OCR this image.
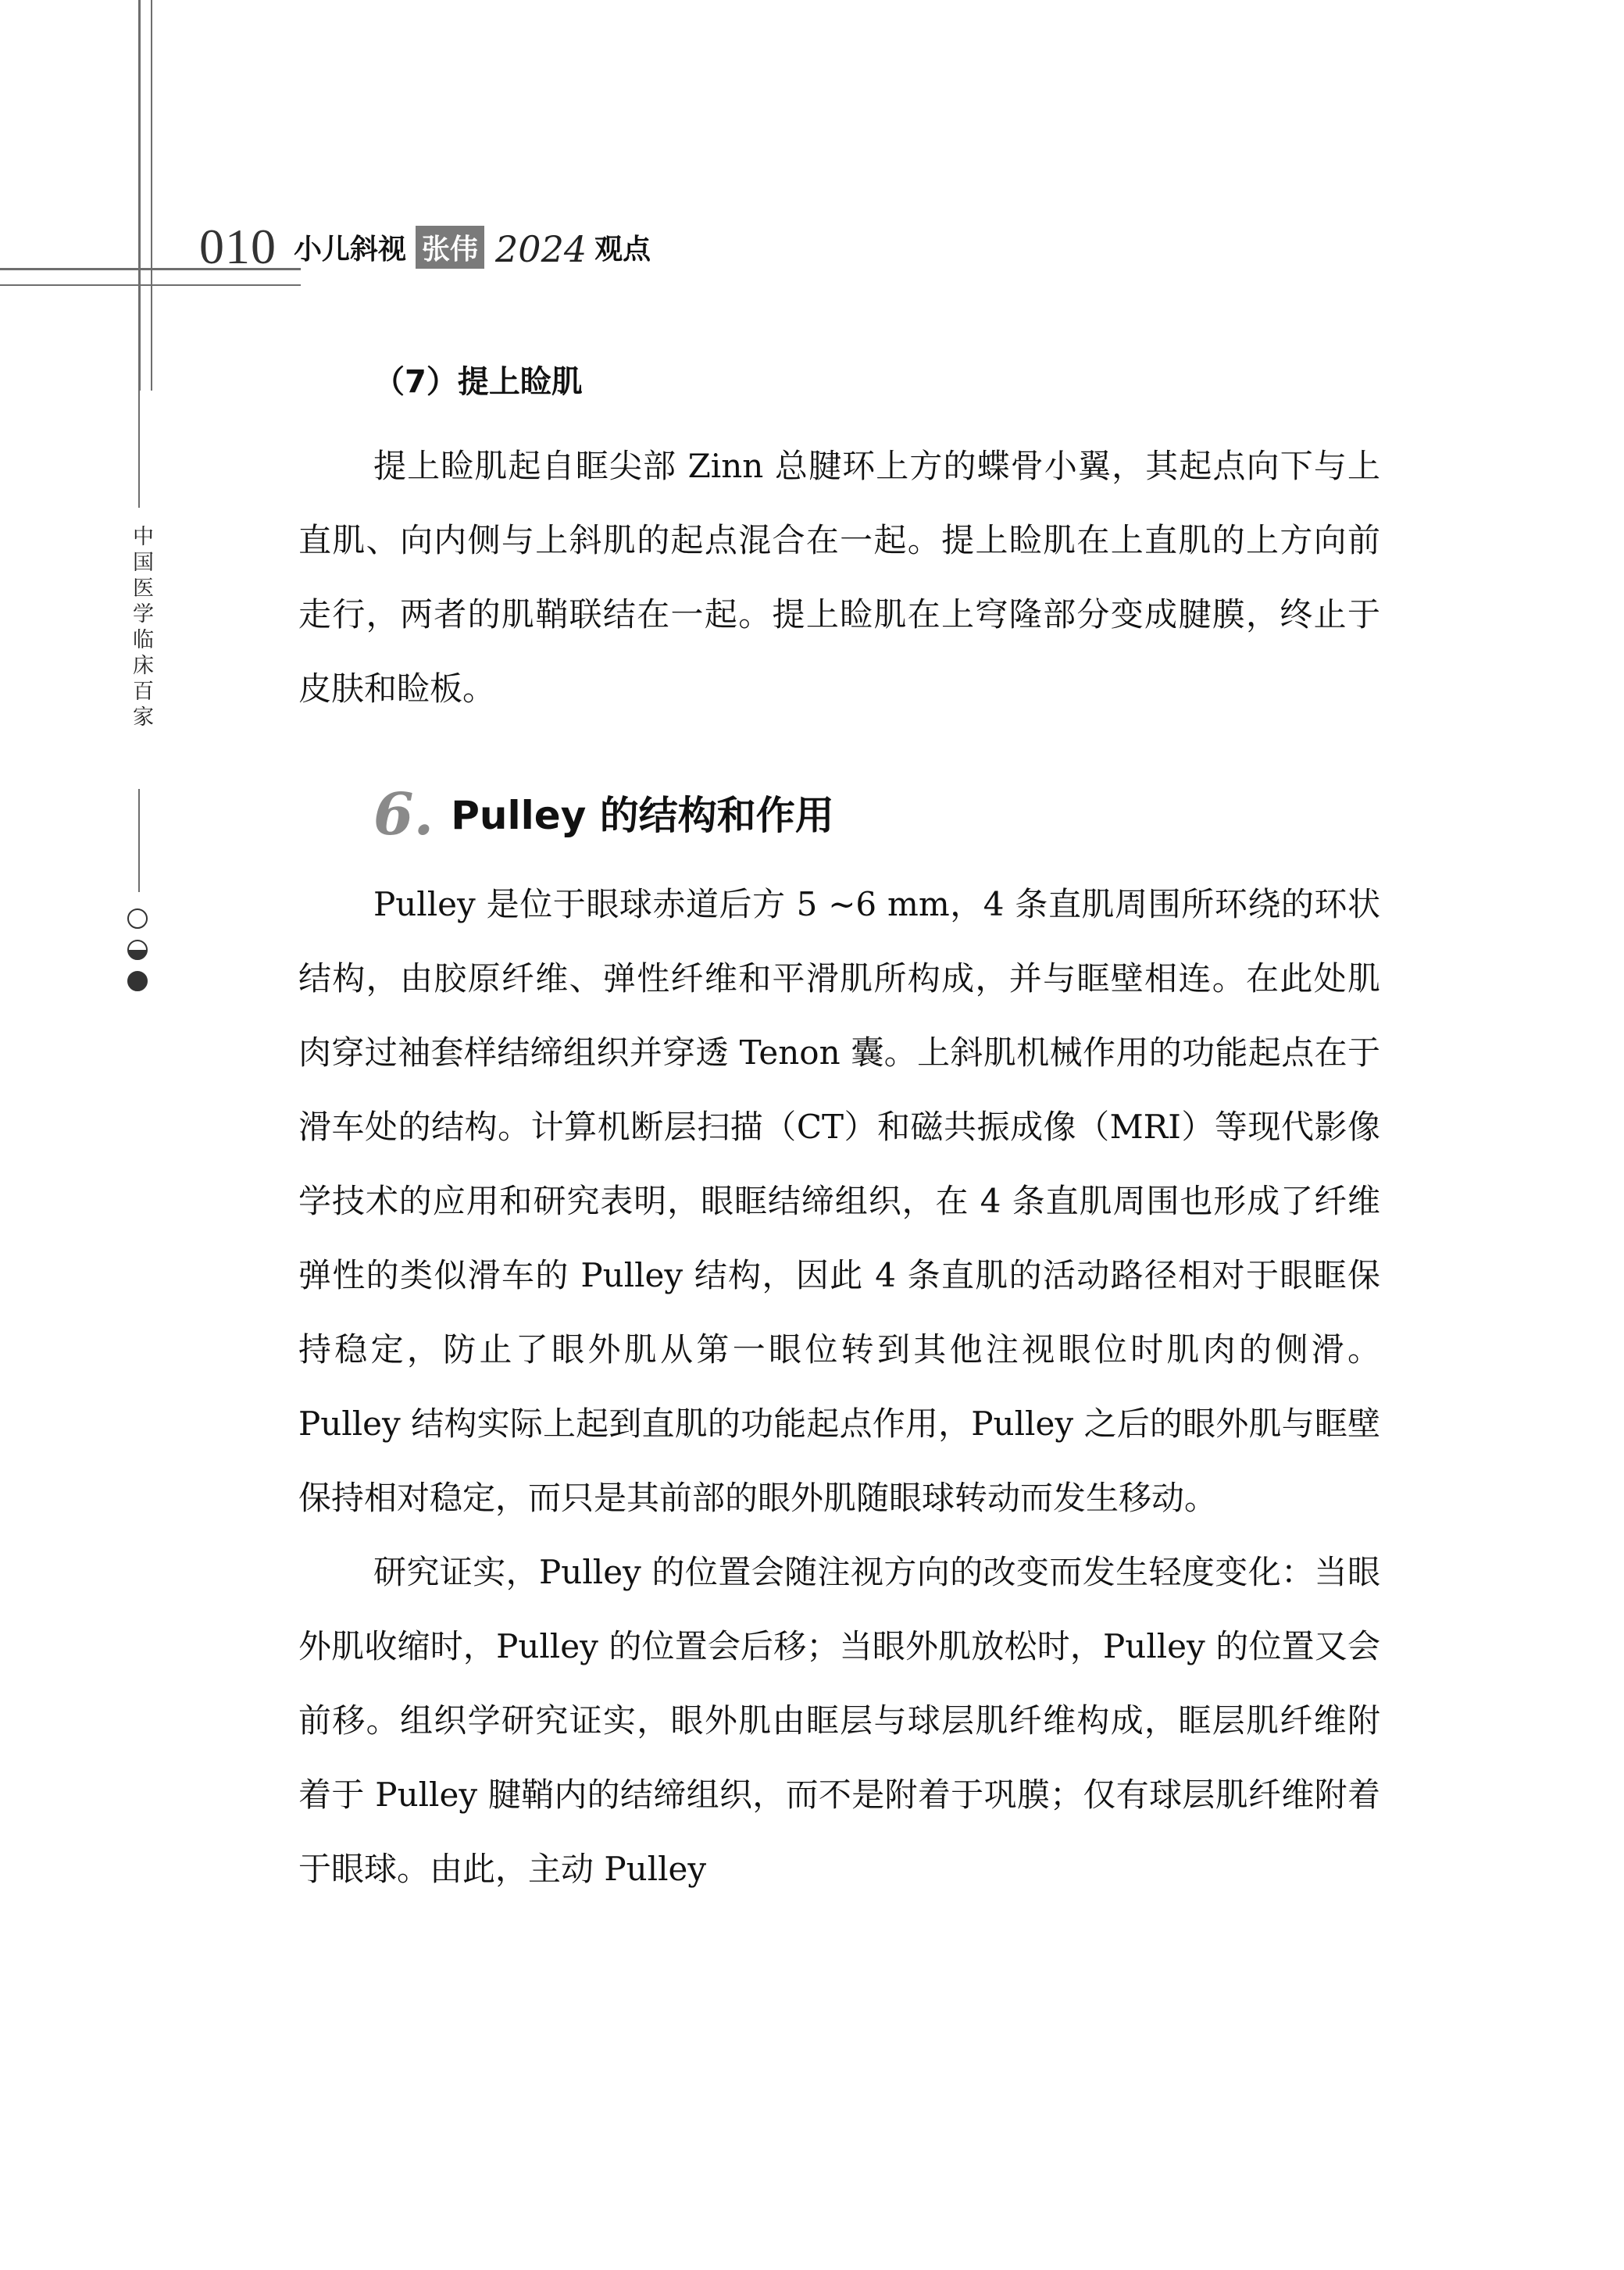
010 小儿斜视 张伟 2024 观点
中国医学临床百家
（7）提上睑肌

提上睑肌起自眶尖部 Zinn 总腱环上方的蝶骨小翼，其起点向下与上直肌、向内侧与上斜肌的起点混合在一起。提上睑肌在上直肌的上方向前走行，两者的肌鞘联结在一起。提上睑肌在上穹隆部分变成腱膜，终止于皮肤和睑板。

6. Pulley 的结构和作用

Pulley 是位于眼球赤道后方 5 ~6 mm，4 条直肌周围所环绕的环状结构，由胶原纤维、弹性纤维和平滑肌所构成，并与眶壁相连。在此处肌肉穿过袖套样结缔组织并穿透 Tenon 囊。上斜肌机械作用的功能起点在于滑车处的结构。计算机断层扫描（CT）和磁共振成像（MRI）等现代影像学技术的应用和研究表明，眼眶结缔组织，在 4 条直肌周围也形成了纤维弹性的类似滑车的 Pulley 结构，因此 4 条直肌的活动路径相对于眼眶保持稳定，防止了眼外肌从第一眼位转到其他注视眼位时肌肉的侧滑。Pulley 结构实际上起到直肌的功能起点作用，Pulley 之后的眼外肌与眶壁保持相对稳定，而只是其前部的眼外肌随眼球转动而发生移动。

研究证实，Pulley 的位置会随注视方向的改变而发生轻度变化：当眼外肌收缩时，Pulley 的位置会后移；当眼外肌放松时，Pulley 的位置又会前移。组织学研究证实，眼外肌由眶层与球层肌纤维构成，眶层肌纤维附着于 Pulley 腱鞘内的结缔组织，而不是附着于巩膜；仅有球层肌纤维附着于眼球。由此，主动 Pulley
